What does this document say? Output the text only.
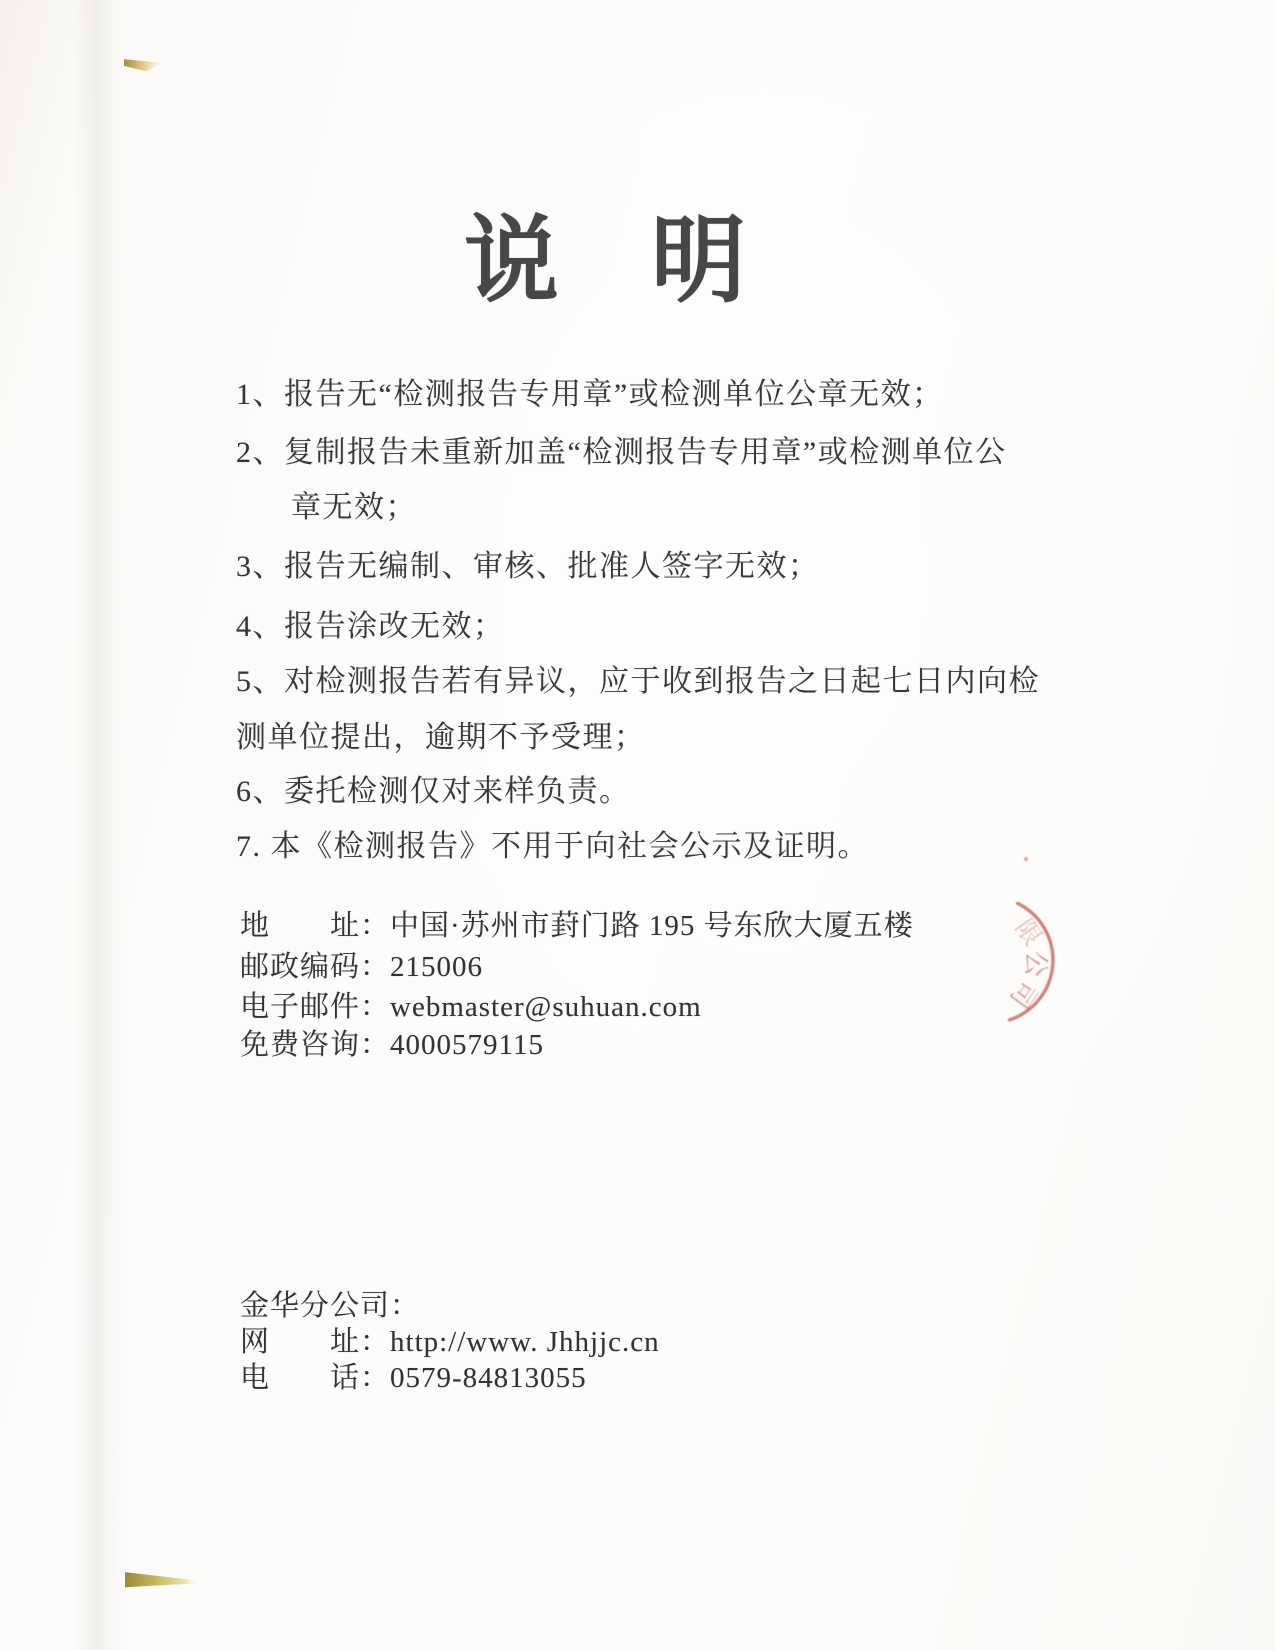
说 明

1、报告无“检测报告专用章”或检测单位公章无效；

2、复制报告未重新加盖“检测报告专用章”或检测单位公

章无效；

3、报告无编制、审核、批准人签字无效；

4、报告涂改无效；

5、对检测报告若有异议，应于收到报告之日起七日内向检

测单位提出，逾期不予受理；

6、委托检测仅对来样负责。

7. 本《检测报告》不用于向社会公示及证明。

地　　址：中国·苏州市葑门路 195 号东欣大厦五楼

邮政编码：215006

电子邮件：webmaster@suhuan.com

免费咨询：4000579115

金华分公司：

网　　址：http://www. Jhhjjc.cn

电　　话：0579-84813055

限
公
司
